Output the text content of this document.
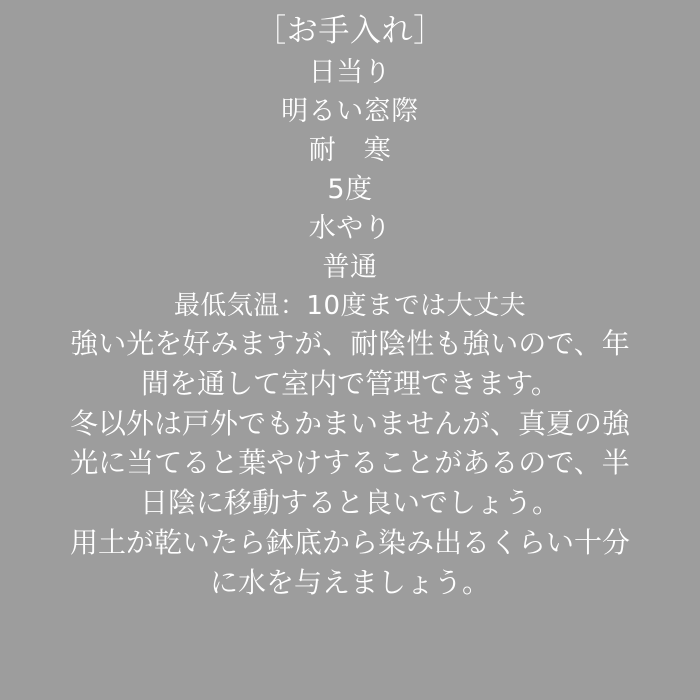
［お手入れ］
日当り
明るい窓際
耐　寒
5度
水やり
普通
最低気温：10度までは大丈夫
強い光を好みますが、耐陰性も強いので、年
間を通して室内で管理できます。
冬以外は戸外でもかまいませんが、真夏の強
光に当てると葉やけすることがあるので、半
日陰に移動すると良いでしょう。
用土が乾いたら鉢底から染み出るくらい十分
に水を与えましょう。
